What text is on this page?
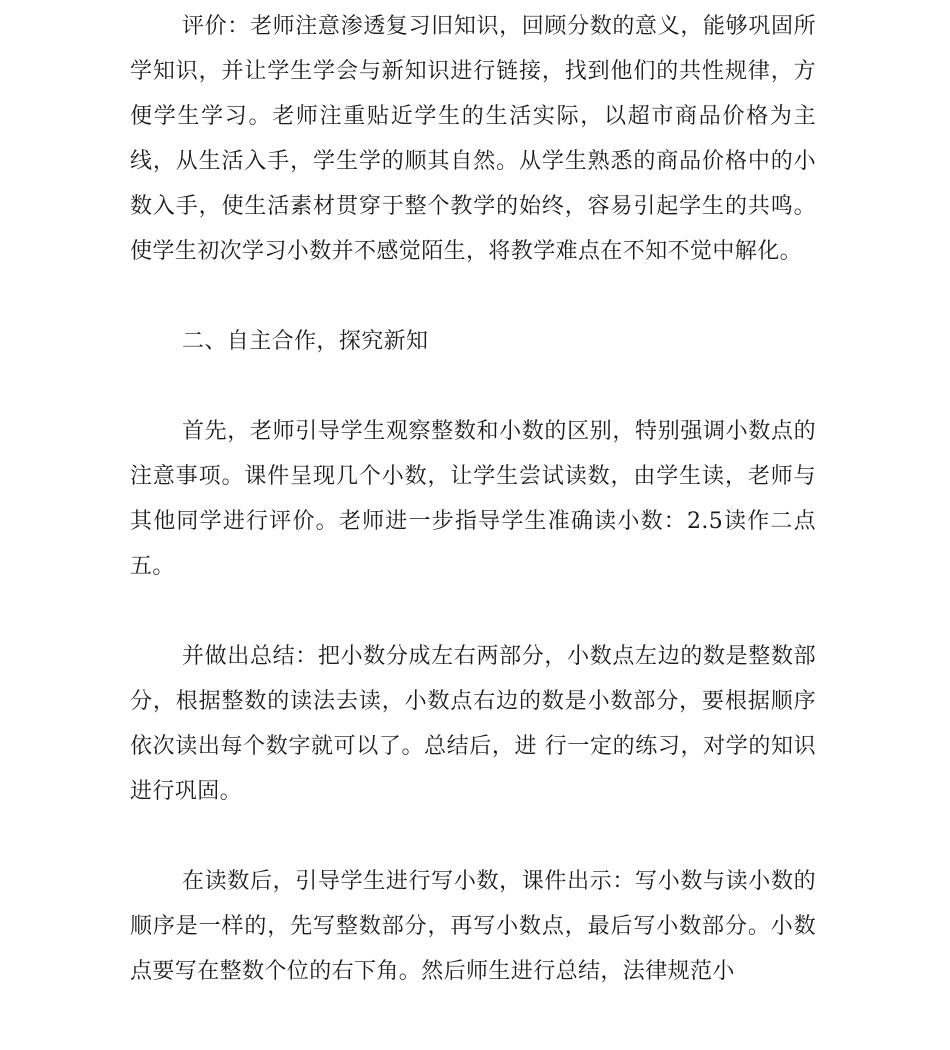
评价：老师注意渗透复习旧知识，回顾分数的意义，能够巩固所学知识，并让学生学会与新知识进行链接，找到他们的共性规律，方便学生学习。老师注重贴近学生的生活实际，以超市商品价格为主线，从生活入手，学生学的顺其自然。从学生熟悉的商品价格中的小数入手，使生活素材贯穿于整个教学的始终，容易引起学生的共鸣。使学生初次学习小数并不感觉陌生，将教学难点在不知不觉中解化。

二、自主合作，探究新知

首先，老师引导学生观察整数和小数的区别，特别强调小数点的注意事项。课件呈现几个小数，让学生尝试读数，由学生读，老师与其他同学进行评价。老师进一步指导学生准确读小数：2.5读作二点五。

并做出总结：把小数分成左右两部分，小数点左边的数是整数部分，根据整数的读法去读，小数点右边的数是小数部分，要根据顺序依次读出每个数字就可以了。总结后，进 行一定的练习，对学的知识进行巩固。

在读数后，引导学生进行写小数，课件出示：写小数与读小数的顺序是一样的，先写整数部分，再写小数点，最后写小数部分。小数点要写在整数个位的右下角。然后师生进行总结，法律规范小
